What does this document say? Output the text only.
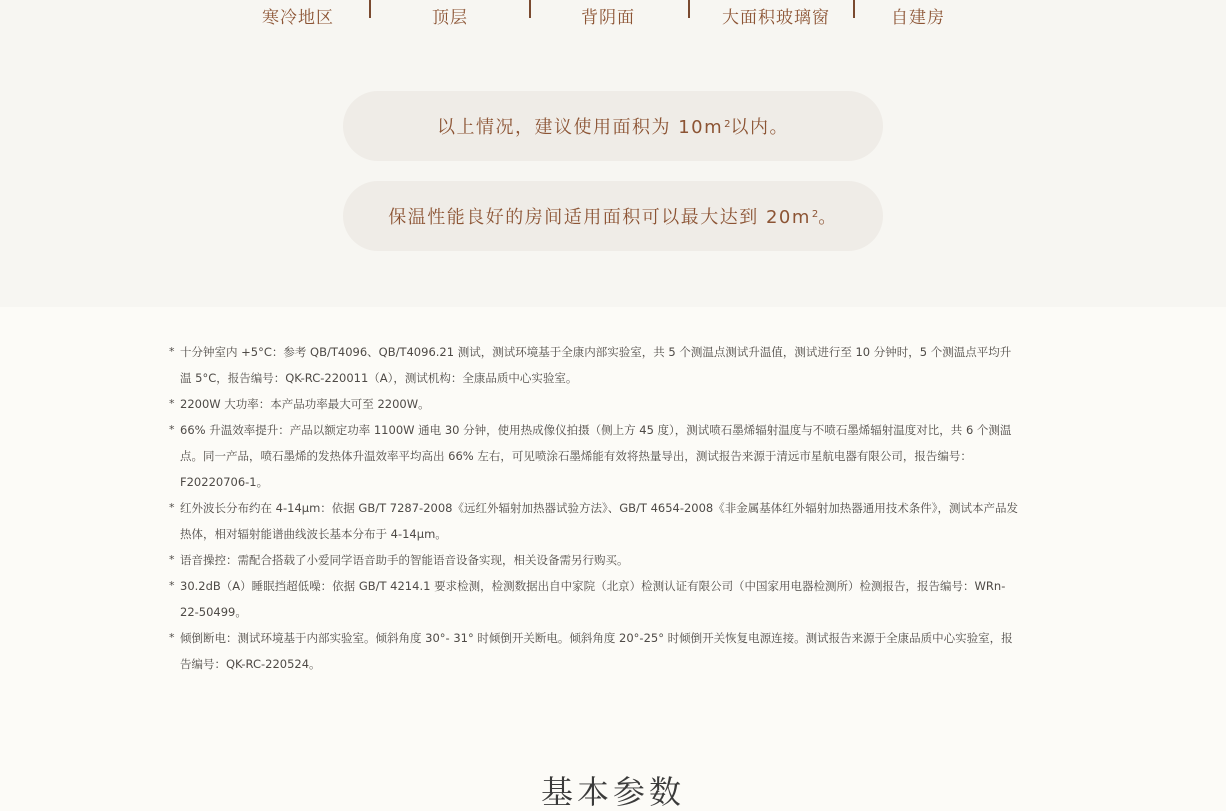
寒冷地区	顶层	背阴面	大面积玻璃窗	自建房
以上情况，建议使用面积为 $10m^2$ 以内。
保温性能良好的房间适用面积可以最大达到 $20m^2$ 。
* 十分钟室内 +5°C：参考 QB/T4096、QB/T4096.21 测试，测试环境基于全康内部实验室，共 5 个测温点测试升温值，测试进行至 10 分钟时，5 个测温点平均升温 5°C，报告编号：QK-RC-220011（A），测试机构：全康品质中心实验室。
* 2200W 大功率：本产品功率最大可至 2200W。
* 66% 升温效率提升：产品以额定功率 1100W 通电 30 分钟，使用热成像仪拍摄（侧上方 45 度），测试喷石墨烯辐射温度与不喷石墨烯辐射温度对比，共 6 个测温点。同一产品，喷石墨烯的发热体升温效率平均高出 66% 左右，可见喷涂石墨烯能有效将热量导出，测试报告来源于清远市星航电器有限公司，报告编号：F20220706-1。
* 红外波长分布约在 4-14μm：依据 GB/T 7287-2008《远红外辐射加热器试验方法》、GB/T 4654-2008《非金属基体红外辐射加热器通用技术条件》，测试本产品发热体，相对辐射能谱曲线波长基本分布于 4-14μm。
* 语音操控：需配合搭载了小爱同学语音助手的智能语音设备实现，相关设备需另行购买。
* 30.2dB（A）睡眠挡超低噪：依据 GB/T 4214.1 要求检测，检测数据出自中家院（北京）检测认证有限公司（中国家用电器检测所）检测报告，报告编号：WRn-22-50499。
* 倾倒断电：测试环境基于内部实验室。倾斜角度 30°- 31° 时倾倒开关断电。倾斜角度 20°-25° 时倾倒开关恢复电源连接。测试报告来源于全康品质中心实验室，报告编号：QK-RC-220524。
基本参数
